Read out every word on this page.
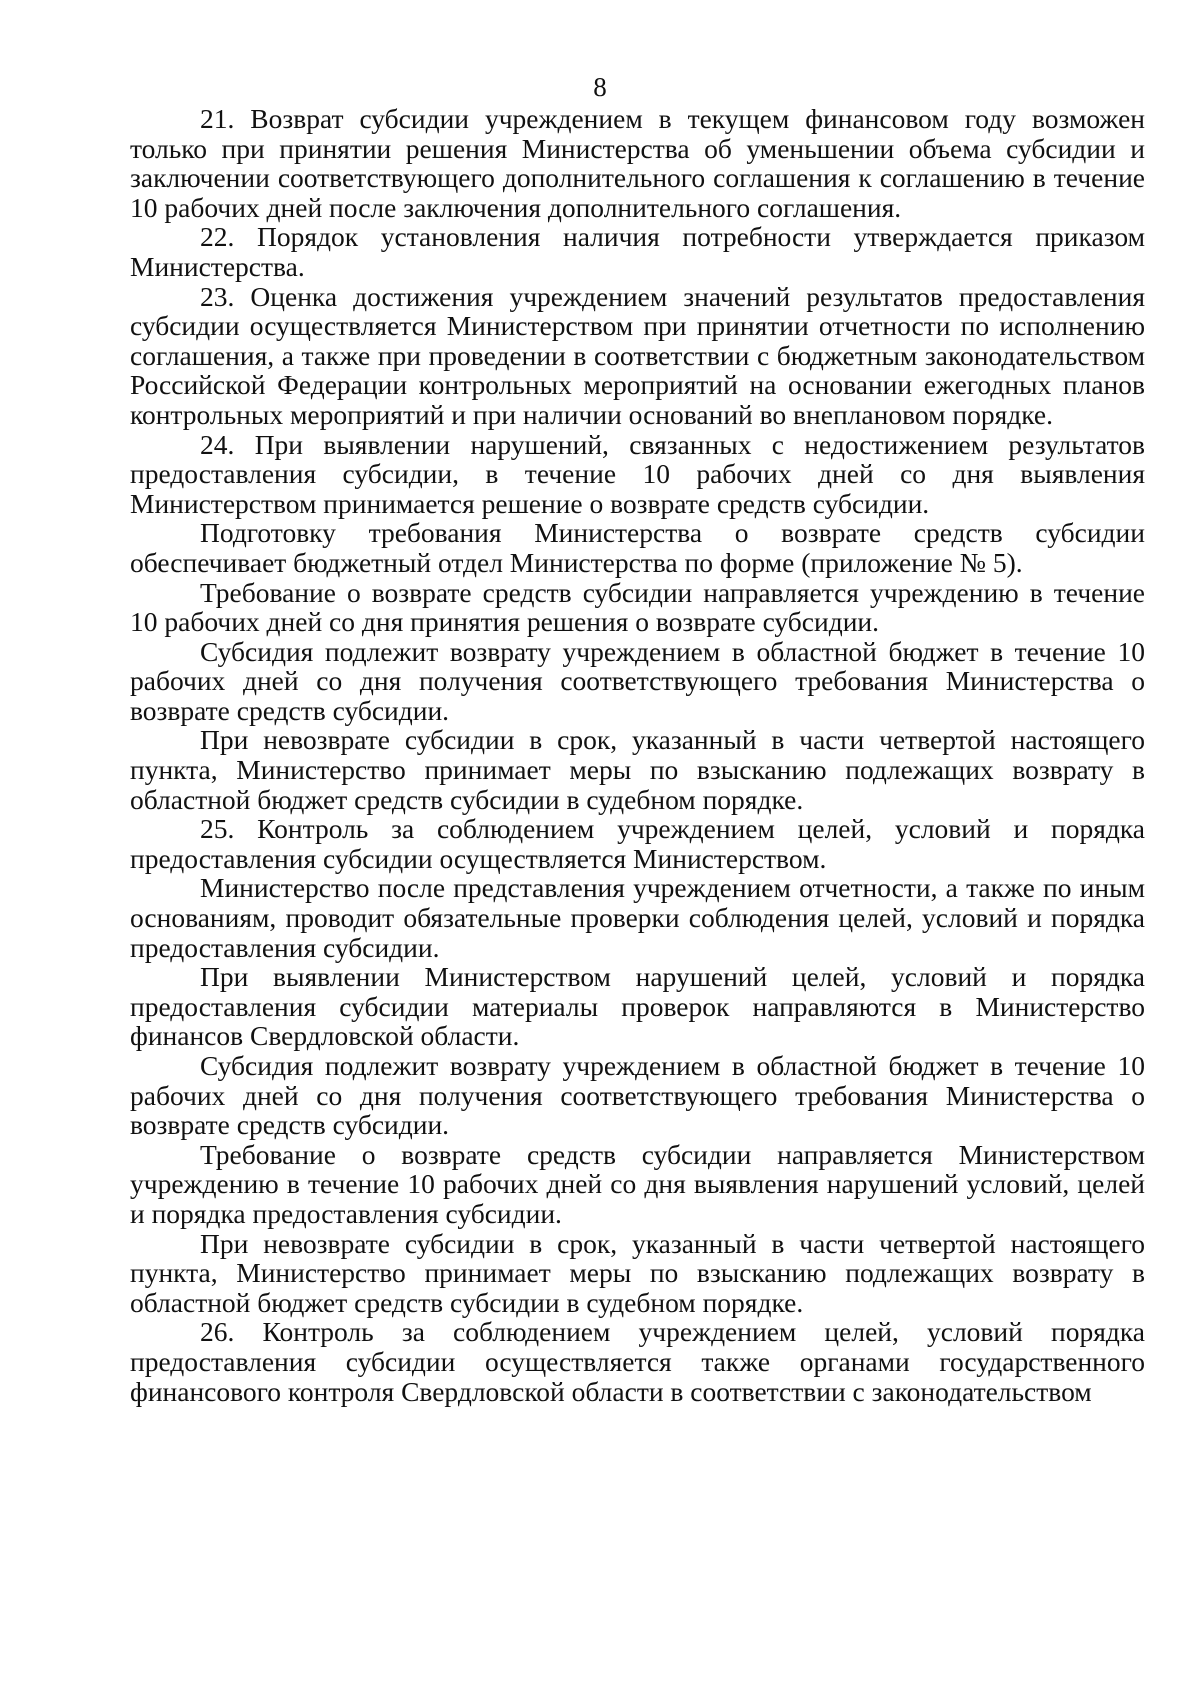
8

21. Возврат субсидии учреждением в текущем финансовом году возможен только при принятии решения Министерства об уменьшении объема субсидии и заключении соответствующего дополнительного соглашения к соглашению в течение 10 рабочих дней после заключения дополнительного соглашения.

22. Порядок установления наличия потребности утверждается приказом Министерства.

23. Оценка достижения учреждением значений результатов предоставления субсидии осуществляется Министерством при принятии отчетности по исполнению соглашения, а также при проведении в соответствии с бюджетным законодательством Российской Федерации контрольных мероприятий на основании ежегодных планов контрольных мероприятий и при наличии оснований во внеплановом порядке.

24. При выявлении нарушений, связанных с недостижением результатов предоставления субсидии, в течение 10 рабочих дней со дня выявления Министерством принимается решение о возврате средств субсидии.

Подготовку требования Министерства о возврате средств субсидии обеспечивает бюджетный отдел Министерства по форме (приложение № 5).

Требование о возврате средств субсидии направляется учреждению в течение 10 рабочих дней со дня принятия решения о возврате субсидии.

Субсидия подлежит возврату учреждением в областной бюджет в течение 10 рабочих дней со дня получения соответствующего требования Министерства о возврате средств субсидии.

При невозврате субсидии в срок, указанный в части четвертой настоящего пункта, Министерство принимает меры по взысканию подлежащих возврату в областной бюджет средств субсидии в судебном порядке.

25. Контроль за соблюдением учреждением целей, условий и порядка предоставления субсидии осуществляется Министерством.

Министерство после представления учреждением отчетности, а также по иным основаниям, проводит обязательные проверки соблюдения целей, условий и порядка предоставления субсидии.

При выявлении Министерством нарушений целей, условий и порядка предоставления субсидии материалы проверок направляются в Министерство финансов Свердловской области.

Субсидия подлежит возврату учреждением в областной бюджет в течение 10 рабочих дней со дня получения соответствующего требования Министерства о возврате средств субсидии.

Требование о возврате средств субсидии направляется Министерством учреждению в течение 10 рабочих дней со дня выявления нарушений условий, целей и порядка предоставления субсидии.

При невозврате субсидии в срок, указанный в части четвертой настоящего пункта, Министерство принимает меры по взысканию подлежащих возврату в областной бюджет средств субсидии в судебном порядке.

26. Контроль за соблюдением учреждением целей, условий порядка предоставления субсидии осуществляется также органами государственного финансового контроля Свердловской области в соответствии с законодательством
